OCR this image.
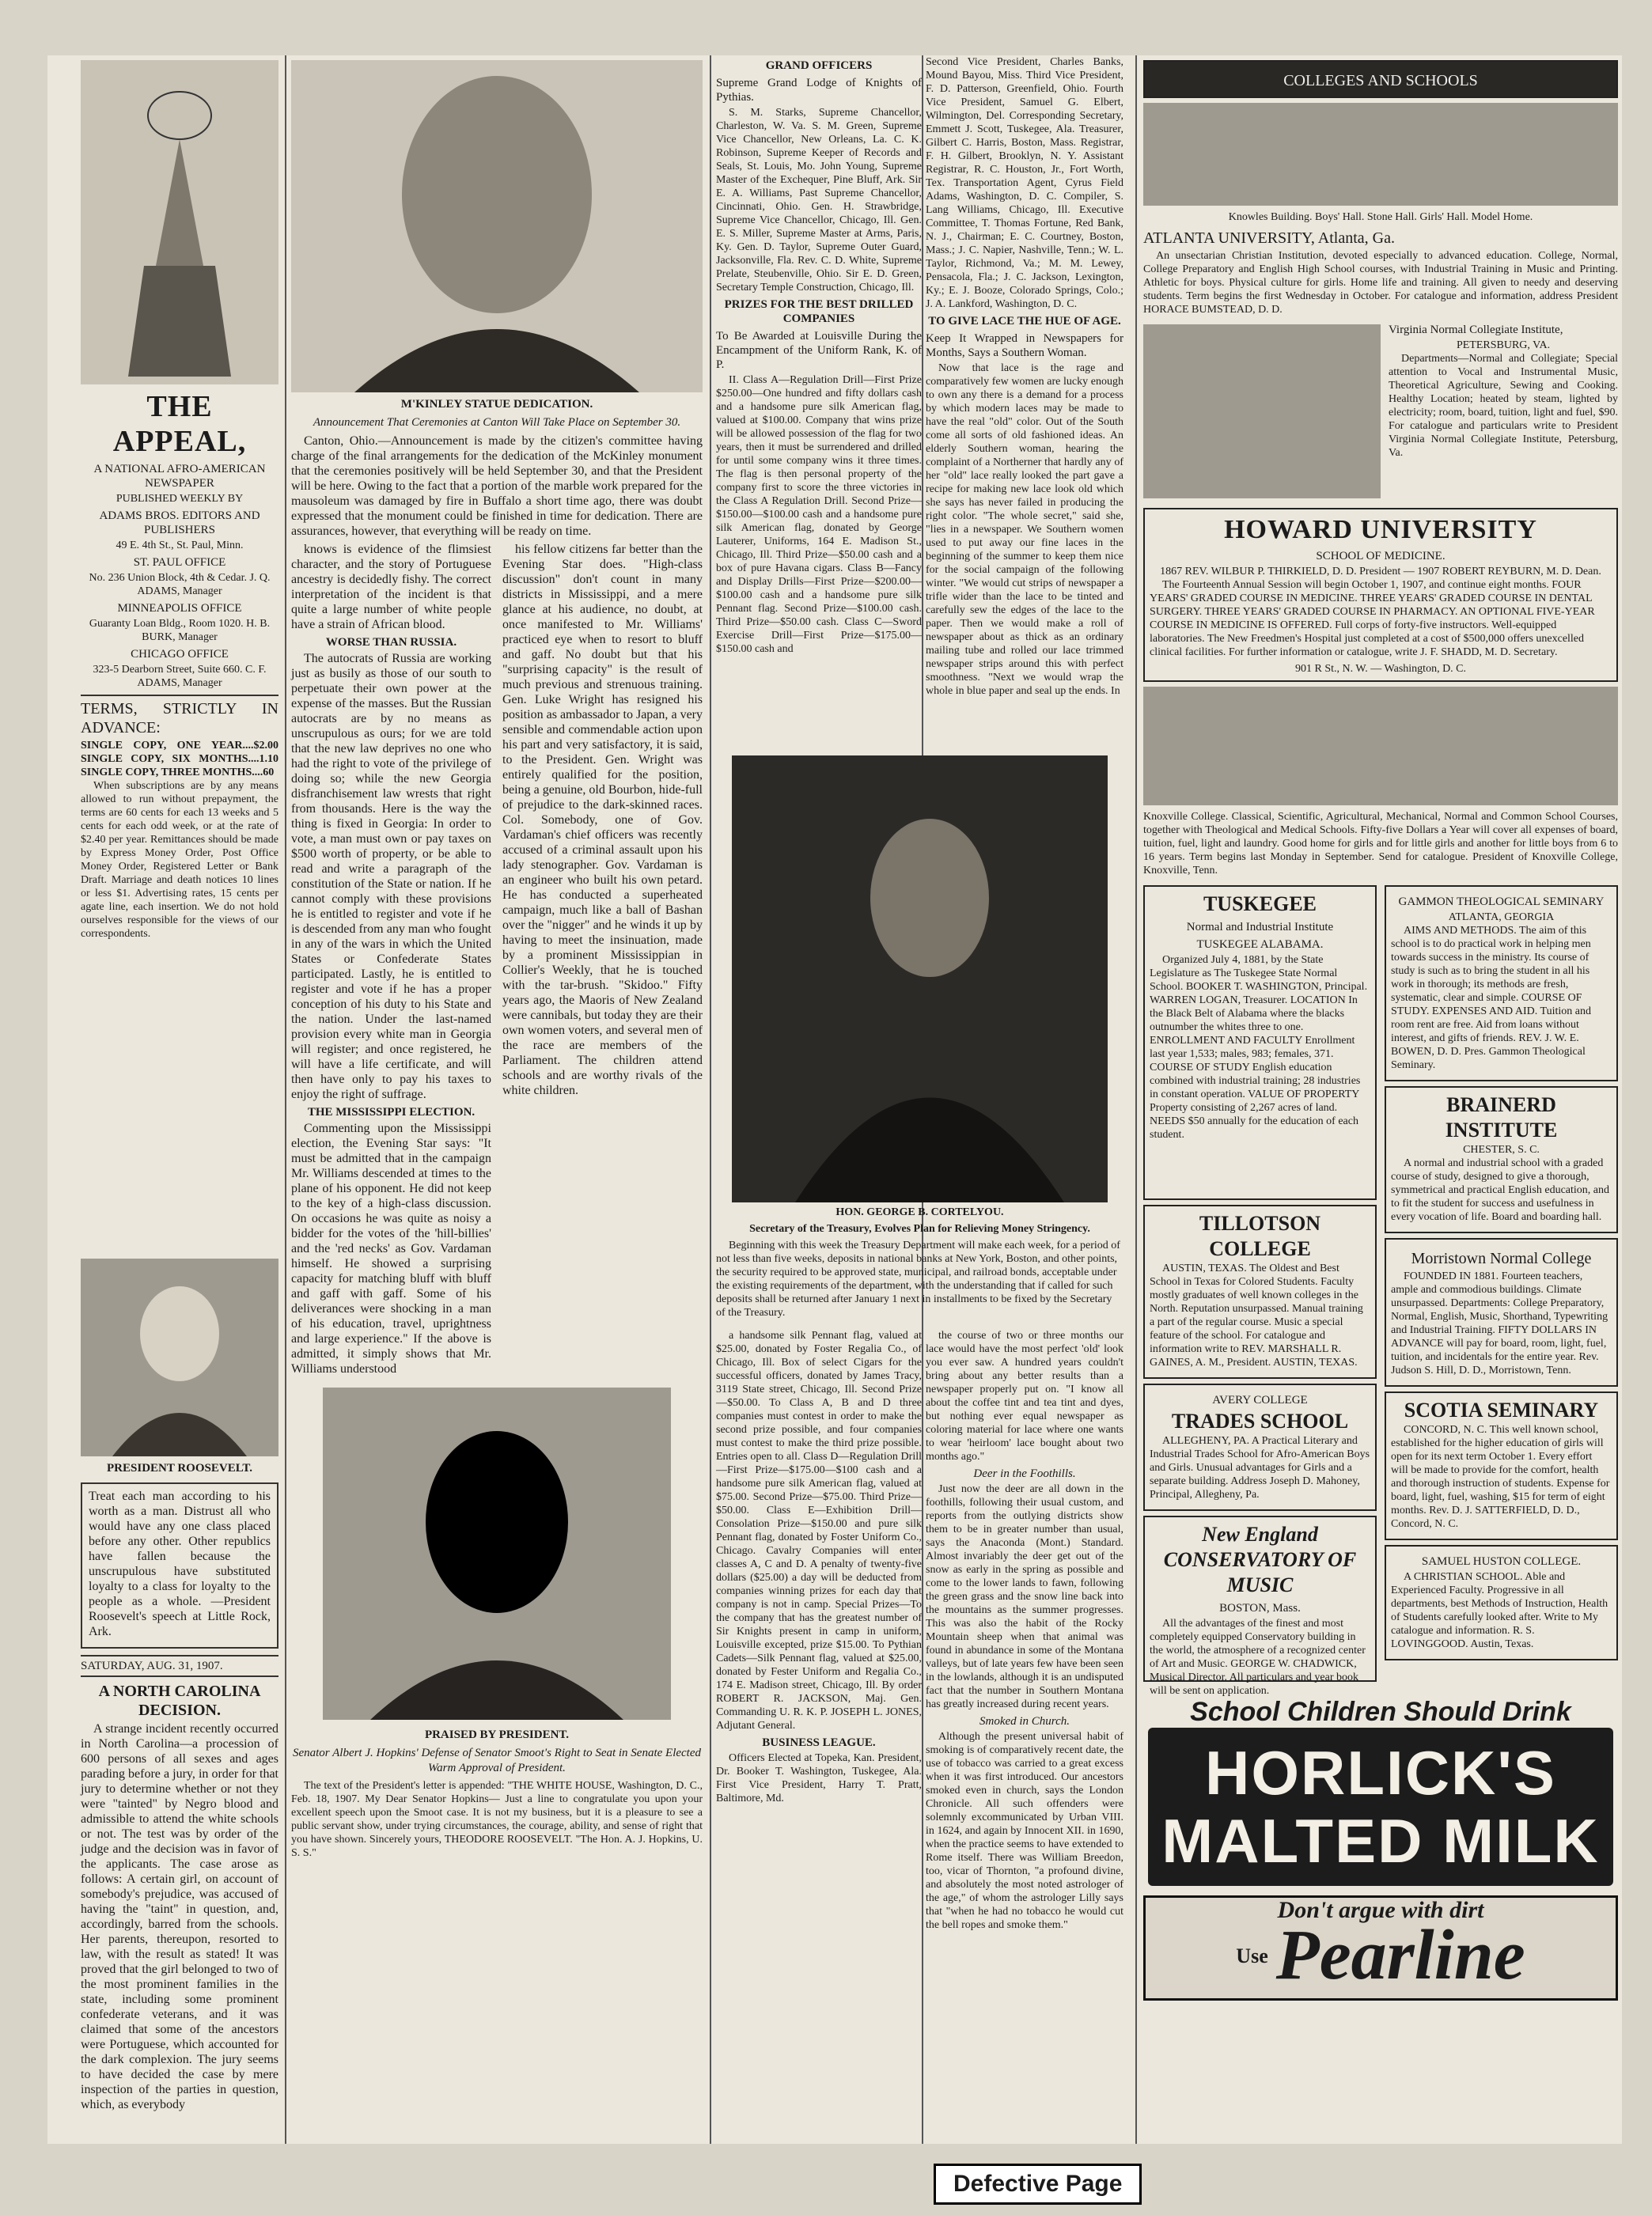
THE APPEAL,
A NATIONAL AFRO-AMERICAN NEWSPAPER
PUBLISHED WEEKLY BY
ADAMS BROS. EDITORS AND PUBLISHERS
49 E. 4th St., St. Paul, Minn.
ST. PAUL OFFICE
No. 236 Union Block, 4th & Cedar. J. Q. ADAMS, Manager
MINNEAPOLIS OFFICE
Guaranty Loan Bldg., Room 1020. H. B. BURK, Manager
CHICAGO OFFICE
323-5 Dearborn Street, Suite 660. C. F. ADAMS, Manager
TERMS, STRICTLY IN ADVANCE:
SINGLE COPY, ONE YEAR....$2.00 SINGLE COPY, SIX MONTHS....1.10 SINGLE COPY, THREE MONTHS....60

When subscriptions are by any means allowed to run without prepayment, the terms are 60 cents for each 13 weeks and 5 cents for each odd week, or at the rate of $2.40 per year. Remittances should be made by Express Money Order, Post Office Money Order, Registered Letter or Bank Draft. Marriage and death notices 10 lines or less $1. Advertising rates, 15 cents per agate line, each insertion. We do not hold ourselves responsible for the views of our correspondents.

PRESIDENT ROOSEVELT.

Treat each man according to his worth as a man. Distrust all who would have any one class placed before any other. Other republics have fallen because the unscrupulous have substituted loyalty to a class for loyalty to the people as a whole. —President Roosevelt's speech at Little Rock, Ark.

SATURDAY, AUG. 31, 1907.
A NORTH CAROLINA DECISION.

A strange incident recently occurred in North Carolina—a procession of 600 persons of all sexes and ages parading before a jury, in order for that jury to determine whether or not they were "tainted" by Negro blood and admissible to attend the white schools or not. The test was by order of the judge and the decision was in favor of the applicants. The case arose as follows: A certain girl, on account of somebody's prejudice, was accused of having the "taint" in question, and, accordingly, barred from the schools. Her parents, thereupon, resorted to law, with the result as stated! It was proved that the girl belonged to two of the most prominent families in the state, including some prominent confederate veterans, and it was claimed that some of the ancestors were Portuguese, which accounted for the dark complexion. The jury seems to have decided the case by mere inspection of the parties in question, which, as everybody

M'KINLEY STATUE DEDICATION.
Announcement That Ceremonies at Canton Will Take Place on September 30.

Canton, Ohio.—Announcement is made by the citizen's committee having charge of the final arrangements for the dedication of the McKinley monument that the ceremonies positively will be held September 30, and that the President will be here. Owing to the fact that a portion of the marble work prepared for the mausoleum was damaged by fire in Buffalo a short time ago, there was doubt expressed that the monument could be finished in time for dedication. There are assurances, however, that everything will be ready on time.

knows is evidence of the flimsiest character, and the story of Portuguese ancestry is decidedly fishy. The correct interpretation of the incident is that quite a large number of white people have a strain of African blood.

WORSE THAN RUSSIA.

The autocrats of Russia are working just as busily as those of our south to perpetuate their own power at the expense of the masses. But the Russian autocrats are by no means as unscrupulous as ours; for we are told that the new law deprives no one who had the right to vote of the privilege of doing so; while the new Georgia disfranchisement law wrests that right from thousands. Here is the way the thing is fixed in Georgia: In order to vote, a man must own or pay taxes on $500 worth of property, or be able to read and write a paragraph of the constitution of the State or nation. If he cannot comply with these provisions he is entitled to register and vote if he is descended from any man who fought in any of the wars in which the United States or Confederate States participated. Lastly, he is entitled to register and vote if he has a proper conception of his duty to his State and the nation. Under the last-named provision every white man in Georgia will register; and once registered, he will have a life certificate, and will then have only to pay his taxes to enjoy the right of suffrage.

THE MISSISSIPPI ELECTION.

Commenting upon the Mississippi election, the Evening Star says: "It must be admitted that in the campaign Mr. Williams descended at times to the plane of his opponent. He did not keep to the key of a high-class discussion. On occasions he was quite as noisy a bidder for the votes of the 'hill-billies' and the 'red necks' as Gov. Vardaman himself. He showed a surprising capacity for matching bluff with bluff and gaff with gaff. Some of his deliverances were shocking in a man of his education, travel, uprightness and large experience." If the above is admitted, it simply shows that Mr. Williams understood

his fellow citizens far better than the Evening Star does. "High-class discussion" don't count in many districts in Mississippi, and a mere glance at his audience, no doubt, at once manifested to Mr. Williams' practiced eye when to resort to bluff and gaff. No doubt but that his "surprising capacity" is the result of much previous and strenuous training. Gen. Luke Wright has resigned his position as ambassador to Japan, a very sensible and commendable action upon his part and very satisfactory, it is said, to the President. Gen. Wright was entirely qualified for the position, being a genuine, old Bourbon, hide-full of prejudice to the dark-skinned races. Col. Somebody, one of Gov. Vardaman's chief officers was recently accused of a criminal assault upon his lady stenographer. Gov. Vardaman is an engineer who built his own petard. He has conducted a superheated campaign, much like a ball of Bashan over the "nigger" and he winds it up by having to meet the insinuation, made by a prominent Mississippian in Collier's Weekly, that he is touched with the tar-brush. "Skidoo." Fifty years ago, the Maoris of New Zealand were cannibals, but today they are their own women voters, and several men of the race are members of the Parliament. The children attend schools and are worthy rivals of the white children.

PRAISED BY PRESIDENT.
Senator Albert J. Hopkins' Defense of Senator Smoot's Right to Seat in Senate Elected Warm Approval of President.

The text of the President's letter is appended: "THE WHITE HOUSE, Washington, D. C., Feb. 18, 1907. My Dear Senator Hopkins— Just a line to congratulate you upon your excellent speech upon the Smoot case. It is not my business, but it is a pleasure to see a public servant show, under trying circumstances, the courage, ability, and sense of right that you have shown. Sincerely yours, THEODORE ROOSEVELT. "The Hon. A. J. Hopkins, U. S. S."

GRAND OFFICERS
Supreme Grand Lodge of Knights of Pythias.

S. M. Starks, Supreme Chancellor, Charleston, W. Va. S. M. Green, Supreme Vice Chancellor, New Orleans, La. C. K. Robinson, Supreme Keeper of Records and Seals, St. Louis, Mo. John Young, Supreme Master of the Exchequer, Pine Bluff, Ark. Sir E. A. Williams, Past Supreme Chancellor, Cincinnati, Ohio. Gen. H. Strawbridge, Supreme Vice Chancellor, Chicago, Ill. Gen. E. S. Miller, Supreme Master at Arms, Paris, Ky. Gen. D. Taylor, Supreme Outer Guard, Jacksonville, Fla. Rev. C. D. White, Supreme Prelate, Steubenville, Ohio. Sir E. D. Green, Secretary Temple Construction, Chicago, Ill.

PRIZES FOR THE BEST DRILLED COMPANIES
To Be Awarded at Louisville During the Encampment of the Uniform Rank, K. of P.

II. Class A—Regulation Drill—First Prize $250.00—One hundred and fifty dollars cash and a handsome pure silk American flag, valued at $100.00. Company that wins prize will be allowed possession of the flag for two years, then it must be surrendered and drilled for until some company wins it three times. The flag is then personal property of the company first to score the three victories in the Class A Regulation Drill. Second Prize—$150.00—$100.00 cash and a handsome pure silk American flag, donated by George Lauterer, Uniforms, 164 E. Madison St., Chicago, Ill. Third Prize—$50.00 cash and a box of pure Havana cigars. Class B—Fancy and Display Drills—First Prize—$200.00—$100.00 cash and a handsome pure silk Pennant flag. Second Prize—$100.00 cash. Third Prize—$50.00 cash. Class C—Sword Exercise Drill—First Prize—$175.00—$150.00 cash and

Second Vice President, Charles Banks, Mound Bayou, Miss. Third Vice President, F. D. Patterson, Greenfield, Ohio. Fourth Vice President, Samuel G. Elbert, Wilmington, Del. Corresponding Secretary, Emmett J. Scott, Tuskegee, Ala. Treasurer, Gilbert C. Harris, Boston, Mass. Registrar, F. H. Gilbert, Brooklyn, N. Y. Assistant Registrar, R. C. Houston, Jr., Fort Worth, Tex. Transportation Agent, Cyrus Field Adams, Washington, D. C. Compiler, S. Lang Williams, Chicago, Ill. Executive Committee, T. Thomas Fortune, Red Bank, N. J., Chairman; E. C. Courtney, Boston, Mass.; J. C. Napier, Nashville, Tenn.; W. L. Taylor, Richmond, Va.; M. M. Lewey, Pensacola, Fla.; J. C. Jackson, Lexington, Ky.; E. J. Booze, Colorado Springs, Colo.; J. A. Lankford, Washington, D. C.

TO GIVE LACE THE HUE OF AGE.
Keep It Wrapped in Newspapers for Months, Says a Southern Woman.

Now that lace is the rage and comparatively few women are lucky enough to own any there is a demand for a process by which modern laces may be made to have the real "old" color. Out of the South come all sorts of old fashioned ideas. An elderly Southern woman, hearing the complaint of a Northerner that hardly any of her "old" lace really looked the part gave a recipe for making new lace look old which she says has never failed in producing the right color. "The whole secret," said she, "lies in a newspaper. We Southern women used to put away our fine laces in the beginning of the summer to keep them nice for the social campaign of the following winter. "We would cut strips of newspaper a trifle wider than the lace to be tinted and carefully sew the edges of the lace to the paper. Then we would make a roll of newspaper about as thick as an ordinary mailing tube and rolled our lace trimmed newspaper strips around this with perfect smoothness. "Next we would wrap the whole in blue paper and seal up the ends. In

HON. GEORGE B. CORTELYOU.
Secretary of the Treasury, Evolves Plan for Relieving Money Stringency.

Beginning with this week the Treasury Department will make each week, for a period of not less than five weeks, deposits in national banks at New York, Boston, and other points, the security required to be approved state, municipal, and railroad bonds, acceptable under the existing requirements of the department, with the understanding that if called for such deposits shall be returned after January 1 next in installments to be fixed by the Secretary of the Treasury.

a handsome silk Pennant flag, valued at $25.00, donated by Foster Regalia Co., of Chicago, Ill. Box of select Cigars for the successful officers, donated by James Tracy, 3119 State street, Chicago, Ill. Second Prize—$50.00. To Class A, B and D three companies must contest in order to make the second prize possible, and four companies must contest to make the third prize possible. Entries open to all. Class D—Regulation Drill—First Prize—$175.00—$100 cash and a handsome pure silk American flag, valued at $75.00. Second Prize—$75.00. Third Prize—$50.00. Class E—Exhibition Drill—Consolation Prize—$150.00 and pure silk Pennant flag, donated by Foster Uniform Co., Chicago. Cavalry Companies will enter classes A, C and D. A penalty of twenty-five dollars ($25.00) a day will be deducted from companies winning prizes for each day that company is not in camp. Special Prizes—To the company that has the greatest number of Sir Knights present in camp in uniform, Louisville excepted, prize $15.00. To Pythian Cadets—Silk Pennant flag, valued at $25.00, donated by Fester Uniform and Regalia Co., 174 E. Madison street, Chicago, Ill. By order ROBERT R. JACKSON, Maj. Gen. Commanding U. R. K. P. JOSEPH L. JONES, Adjutant General.

BUSINESS LEAGUE.

Officers Elected at Topeka, Kan. President, Dr. Booker T. Washington, Tuskegee, Ala. First Vice President, Harry T. Pratt, Baltimore, Md.

the course of two or three months our lace would have the most perfect 'old' look you ever saw. A hundred years couldn't bring about any better results than a newspaper properly put on. "I know all about the coffee tint and tea tint and dyes, but nothing ever equal newspaper as coloring material for lace where one wants to wear 'heirloom' lace bought about two months ago."

Deer in the Foothills.

Just now the deer are all down in the foothills, following their usual custom, and reports from the outlying districts show them to be in greater number than usual, says the Anaconda (Mont.) Standard. Almost invariably the deer get out of the snow as early in the spring as possible and come to the lower lands to fawn, following the green grass and the snow line back into the mountains as the summer progresses. This was also the habit of the Rocky Mountain sheep when that animal was found in abundance in some of the Montana valleys, but of late years few have been seen in the lowlands, although it is an undisputed fact that the number in Southern Montana has greatly increased during recent years.

Smoked in Church.

Although the present universal habit of smoking is of comparatively recent date, the use of tobacco was carried to a great excess when it was first introduced. Our ancestors smoked even in church, says the London Chronicle. All such offenders were solemnly excommunicated by Urban VIII. in 1624, and again by Innocent XII. in 1690, when the practice seems to have extended to Rome itself. There was William Breedon, too, vicar of Thornton, "a profound divine, and absolutely the most noted astrologer of the age," of whom the astrologer Lilly says that "when he had no tobacco he would cut the bell ropes and smoke them."

COLLEGES AND SCHOOLS
Knowles Building. Boys' Hall. Stone Hall. Girls' Hall. Model Home.
ATLANTA UNIVERSITY, Atlanta, Ga.

An unsectarian Christian Institution, devoted especially to advanced education. College, Normal, College Preparatory and English High School courses, with Industrial Training in Music and Printing. Athletic for boys. Physical culture for girls. Home life and training. All given to needy and deserving students. Term begins the first Wednesday in October. For catalogue and information, address President HORACE BUMSTEAD, D. D.

Virginia Normal Collegiate Institute,
PETERSBURG, VA.

Departments—Normal and Collegiate; Special attention to Vocal and Instrumental Music, Theoretical Agriculture, Sewing and Cooking. Healthy Location; heated by steam, lighted by electricity; room, board, tuition, light and fuel, $90. For catalogue and particulars write to President Virginia Normal Collegiate Institute, Petersburg, Va.

HOWARD UNIVERSITY
SCHOOL OF MEDICINE.
1867 REV. WILBUR P. THIRKIELD, D. D. President — 1907 ROBERT REYBURN, M. D. Dean.

The Fourteenth Annual Session will begin October 1, 1907, and continue eight months. FOUR YEARS' GRADED COURSE IN MEDICINE. THREE YEARS' GRADED COURSE IN DENTAL SURGERY. THREE YEARS' GRADED COURSE IN PHARMACY. AN OPTIONAL FIVE-YEAR COURSE IN MEDICINE IS OFFERED. Full corps of forty-five instructors. Well-equipped laboratories. The New Freedmen's Hospital just completed at a cost of $500,000 offers unexcelled clinical facilities. For further information or catalogue, write J. F. SHADD, M. D. Secretary.

901 R St., N. W. — Washington, D. C.

Knoxville College. Classical, Scientific, Agricultural, Mechanical, Normal and Common School Courses, together with Theological and Medical Schools. Fifty-five Dollars a Year will cover all expenses of board, tuition, fuel, light and laundry. Good home for girls and for little girls and another for little boys from 6 to 16 years. Term begins last Monday in September. Send for catalogue. President of Knoxville College, Knoxville, Tenn.

TUSKEGEE
Normal and Industrial Institute
TUSKEGEE ALABAMA.

Organized July 4, 1881, by the State Legislature as The Tuskegee State Normal School. BOOKER T. WASHINGTON, Principal. WARREN LOGAN, Treasurer. LOCATION In the Black Belt of Alabama where the blacks outnumber the whites three to one. ENROLLMENT AND FACULTY Enrollment last year 1,533; males, 983; females, 371. COURSE OF STUDY English education combined with industrial training; 28 industries in constant operation. VALUE OF PROPERTY Property consisting of 2,267 acres of land. NEEDS $50 annually for the education of each student.

TILLOTSON COLLEGE

AUSTIN, TEXAS. The Oldest and Best School in Texas for Colored Students. Faculty mostly graduates of well known colleges in the North. Reputation unsurpassed. Manual training a part of the regular course. Music a special feature of the school. For catalogue and information write to REV. MARSHALL R. GAINES, A. M., President. AUSTIN, TEXAS.

AVERY COLLEGE
TRADES SCHOOL

ALLEGHENY, PA. A Practical Literary and Industrial Trades School for Afro-American Boys and Girls. Unusual advantages for Girls and a separate building. Address Joseph D. Mahoney, Principal, Allegheny, Pa.

New England CONSERVATORY OF MUSIC
BOSTON, Mass.

All the advantages of the finest and most completely equipped Conservatory building in the world, the atmosphere of a recognized center of Art and Music. GEORGE W. CHADWICK, Musical Director. All particulars and year book will be sent on application.

GAMMON THEOLOGICAL SEMINARY
ATLANTA, GEORGIA

AIMS AND METHODS. The aim of this school is to do practical work in helping men towards success in the ministry. Its course of study is such as to bring the student in all his work in thorough; its methods are fresh, systematic, clear and simple. COURSE OF STUDY. EXPENSES AND AID. Tuition and room rent are free. Aid from loans without interest, and gifts of friends. REV. J. W. E. BOWEN, D. D. Pres. Gammon Theological Seminary.

BRAINERD INSTITUTE
CHESTER, S. C.

A normal and industrial school with a graded course of study, designed to give a thorough, symmetrical and practical English education, and to fit the student for success and usefulness in every vocation of life. Board and boarding hall.

Morristown Normal College

FOUNDED IN 1881. Fourteen teachers, ample and commodious buildings. Climate unsurpassed. Departments: College Preparatory, Normal, English, Music, Shorthand, Typewriting and Industrial Training. FIFTY DOLLARS IN ADVANCE will pay for board, room, light, fuel, tuition, and incidentals for the entire year. Rev. Judson S. Hill, D. D., Morristown, Tenn.

SCOTIA SEMINARY

CONCORD, N. C. This well known school, established for the higher education of girls will open for its next term October 1. Every effort will be made to provide for the comfort, health and thorough instruction of students. Expense for board, light, fuel, washing, $15 for term of eight months. Rev. D. J. SATTERFIELD, D. D., Concord, N. C.

SAMUEL HUSTON COLLEGE.

A CHRISTIAN SCHOOL. Able and Experienced Faculty. Progressive in all departments, best Methods of Instruction, Health of Students carefully looked after. Write to My catalogue and information. R. S. LOVINGGOOD. Austin, Texas.

School Children Should Drink
HORLICK'S
MALTED MILK
Don't argue with dirt
Use Pearline
Defective Page
